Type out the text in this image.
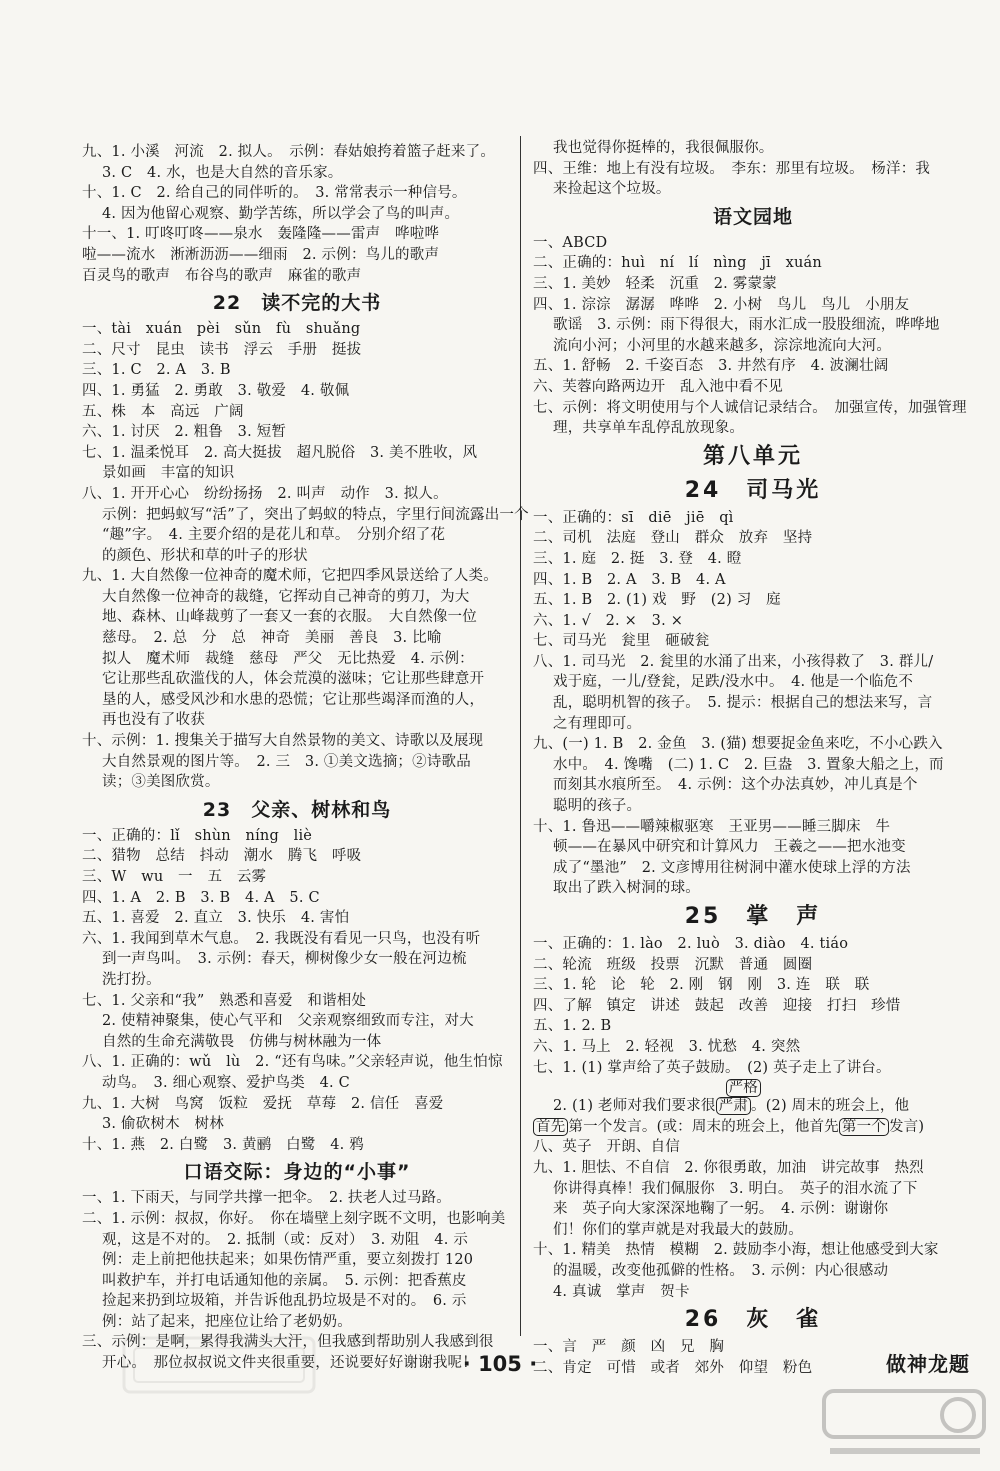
九、1. 小溪　河流　2. 拟人。　示例：春姑娘挎着篮子赶来了。
3. C　4. 水，也是大自然的音乐家。
十、1. C　2. 给自己的同伴听的。　3. 常常表示一种信号。
4. 因为他留心观察、勤学苦练，所以学会了鸟的叫声。
十一、1. 叮咚叮咚——泉水　轰隆隆——雷声　哗啦哗
啦——流水　淅淅沥沥——细雨　2. 示例：鸟儿的歌声
百灵鸟的歌声　布谷鸟的歌声　麻雀的歌声
22　读不完的大书
一、tài　xuán　pèi　sǔn　fù　shuǎng
二、尺寸　昆虫　读书　浮云　手册　挺拔
三、1. C　2. A　3. B
四、1. 勇猛　2. 勇敢　3. 敬爱　4. 敬佩
五、株　本　高远　广阔
六、1. 讨厌　2. 粗鲁　3. 短暂
七、1. 温柔悦耳　2. 高大挺拔　超凡脱俗　3. 美不胜收，风
景如画　丰富的知识
八、1. 开开心心　纷纷扬扬　2. 叫声　动作　3. 拟人。
示例：把蚂蚁写“活”了，突出了蚂蚁的特点，字里行间流露出一个
“趣”字。　4. 主要介绍的是花儿和草。　分别介绍了花
的颜色、形状和草的叶子的形状
九、1. 大自然像一位神奇的魔术师，它把四季风景送给了人类。
大自然像一位神奇的裁缝，它挥动自己神奇的剪刀，为大
地、森林、山峰裁剪了一套又一套的衣服。　大自然像一位
慈母。　2. 总　分　总　神奇　美丽　善良　3. 比喻
拟人　魔术师　裁缝　慈母　严父　无比热爱　4. 示例：
它让那些乱砍滥伐的人，体会荒漠的滋味；它让那些肆意开
垦的人，感受风沙和水患的恐慌；它让那些竭泽而渔的人，
再也没有了收获
十、示例：1. 搜集关于描写大自然景物的美文、诗歌以及展现
大自然景观的图片等。　2. 三　3. ①美文选摘；②诗歌品
读；③美图欣赏。
23　父亲、树林和鸟
一、正确的：lǐ　shùn　níng　liè
二、猎物　总结　抖动　潮水　腾飞　呼吸
三、W　wu　一　五　云雾
四、1. A　2. B　3. B　4. A　5. C
五、1. 喜爱　2. 直立　3. 快乐　4. 害怕
六、1. 我闻到草木气息。　2. 我既没有看见一只鸟，也没有听
到一声鸟叫。　3. 示例：春天，柳树像少女一般在河边梳
洗打扮。
七、1. 父亲和“我”　熟悉和喜爱　和谐相处
2. 使精神聚集，使心气平和　父亲观察细致而专注，对大
自然的生命充满敬畏　仿佛与树林融为一体
八、1. 正确的：wǔ　lù　2. “还有鸟味。”父亲轻声说，他生怕惊
动鸟。　3. 细心观察、爱护鸟类　4. C
九、1. 大树　鸟窝　饭粒　爱抚　草莓　2. 信任　喜爱
3. 偷砍树木　树林
十、1. 燕　2. 白鹭　3. 黄鹂　白鹭　4. 鸦
口语交际：身边的“小事”
一、1. 下雨天，与同学共撑一把伞。　2. 扶老人过马路。
二、1. 示例：叔叔，你好。　你在墙壁上刻字既不文明，也影响美
观，这是不对的。　2. 抵制（或：反对）　3. 劝阻　4. 示
例：走上前把他扶起来；如果伤情严重，要立刻拨打 120
叫救护车，并打电话通知他的亲属。　5. 示例：把香蕉皮
捡起来扔到垃圾箱，并告诉他乱扔垃圾是不对的。　6. 示
例：站了起来，把座位让给了老奶奶。
三、示例：是啊，累得我满头大汗，但我感到帮助别人我感到很
开心。　那位叔叔说文件夹很重要，还说要好好谢谢我呢！
我也觉得你挺棒的，我很佩服你。
四、王维：地上有没有垃圾。　李东：那里有垃圾。　杨洋：我
来捡起这个垃圾。
语文园地
一、ABCD
二、正确的：huì　ní　lí　nìng　jī　xuán
三、1. 美妙　轻柔　沉重　2. 雾蒙蒙
四、1. 淙淙　潺潺　哗哗　2. 小树　鸟儿　鸟儿　小朋友
歌谣　3. 示例：雨下得很大，雨水汇成一股股细流，哗哗地
流向小河；小河里的水越来越多，淙淙地流向大河。
五、1. 舒畅　2. 千姿百态　3. 井然有序　4. 波澜壮阔
六、芙蓉向路两边开　乱入池中看不见
七、示例：将文明使用与个人诚信记录结合。　加强宣传，加强管理
理，共享单车乱停乱放现象。
第八单元
24　司马光
一、正确的：sī　diē　jiē　qì
二、司机　法庭　登山　群众　放弃　坚持
三、1. 庭　2. 挺　3. 登　4. 瞪
四、1. B　2. A　3. B　4. A
五、1. B　2. (1) 戏　野　(2) 习　庭
六、1. √　2. ×　3. ×
七、司马光　瓮里　砸破瓮
八、1. 司马光　2. 瓮里的水涌了出来，小孩得救了　3. 群儿/
戏于庭，一儿/登瓮，足跌/没水中。　4. 他是一个临危不
乱，聪明机智的孩子。　5. 提示：根据自己的想法来写，言
之有理即可。
九、(一) 1. B　2. 金鱼　3. (猫) 想要捉金鱼来吃，不小心跌入
水中。　4. 馋嘴　(二) 1. C　2. 巨盎　3. 置象大船之上，而
而刻其水痕所至。　4. 示例：这个办法真妙，冲儿真是个
聪明的孩子。
十、1. 鲁迅——嚼辣椒驱寒　王亚男——睡三脚床　牛
顿——在暴风中研究和计算风力　王羲之——把水池变
成了“墨池”　2. 文彦博用往树洞中灌水使球上浮的方法
取出了跌入树洞的球。
25　掌　声
一、正确的：1. lào　2. luò　3. diào　4. tiáo
二、轮流　班级　投票　沉默　普通　圆圈
三、1. 轮　论　轮　2. 刚　钢　刚　3. 连　联　联
四、了解　镇定　讲述　鼓起　改善　迎接　打扫　珍惜
五、1. 2. B
六、1. 马上　2. 轻视　3. 忧愁　4. 突然
七、1. (1) 掌声给了英子鼓励。　(2) 英子走上了讲台。
2. (1) 老师对我们要求很 严肃
严格
。(2) 周末的班会上，他
首先 第一个发言。(或：周末的班会上，他首先 第一个 发言)
八、英子　开朗、自信
九、1. 胆怯、不自信　2. 你很勇敢，加油　讲完故事　热烈
你讲得真棒！我们佩服你　3. 明白。　英子的泪水流了下
来　英子向大家深深地鞠了一躬。　4. 示例：谢谢你
们！你们的掌声就是对我最大的鼓励。
十、1. 精美　热情　模糊　2. 鼓励李小海，想让他感受到大家
的温暖，改变他孤僻的性格。　3. 示例：内心很感动
4. 真诚　掌声　贺卡
26　灰　雀
一、言　严　颜　凶　兄　胸
二、肯定　可惜　或者　郊外　仰望　粉色
· 105 ·	做神龙题
